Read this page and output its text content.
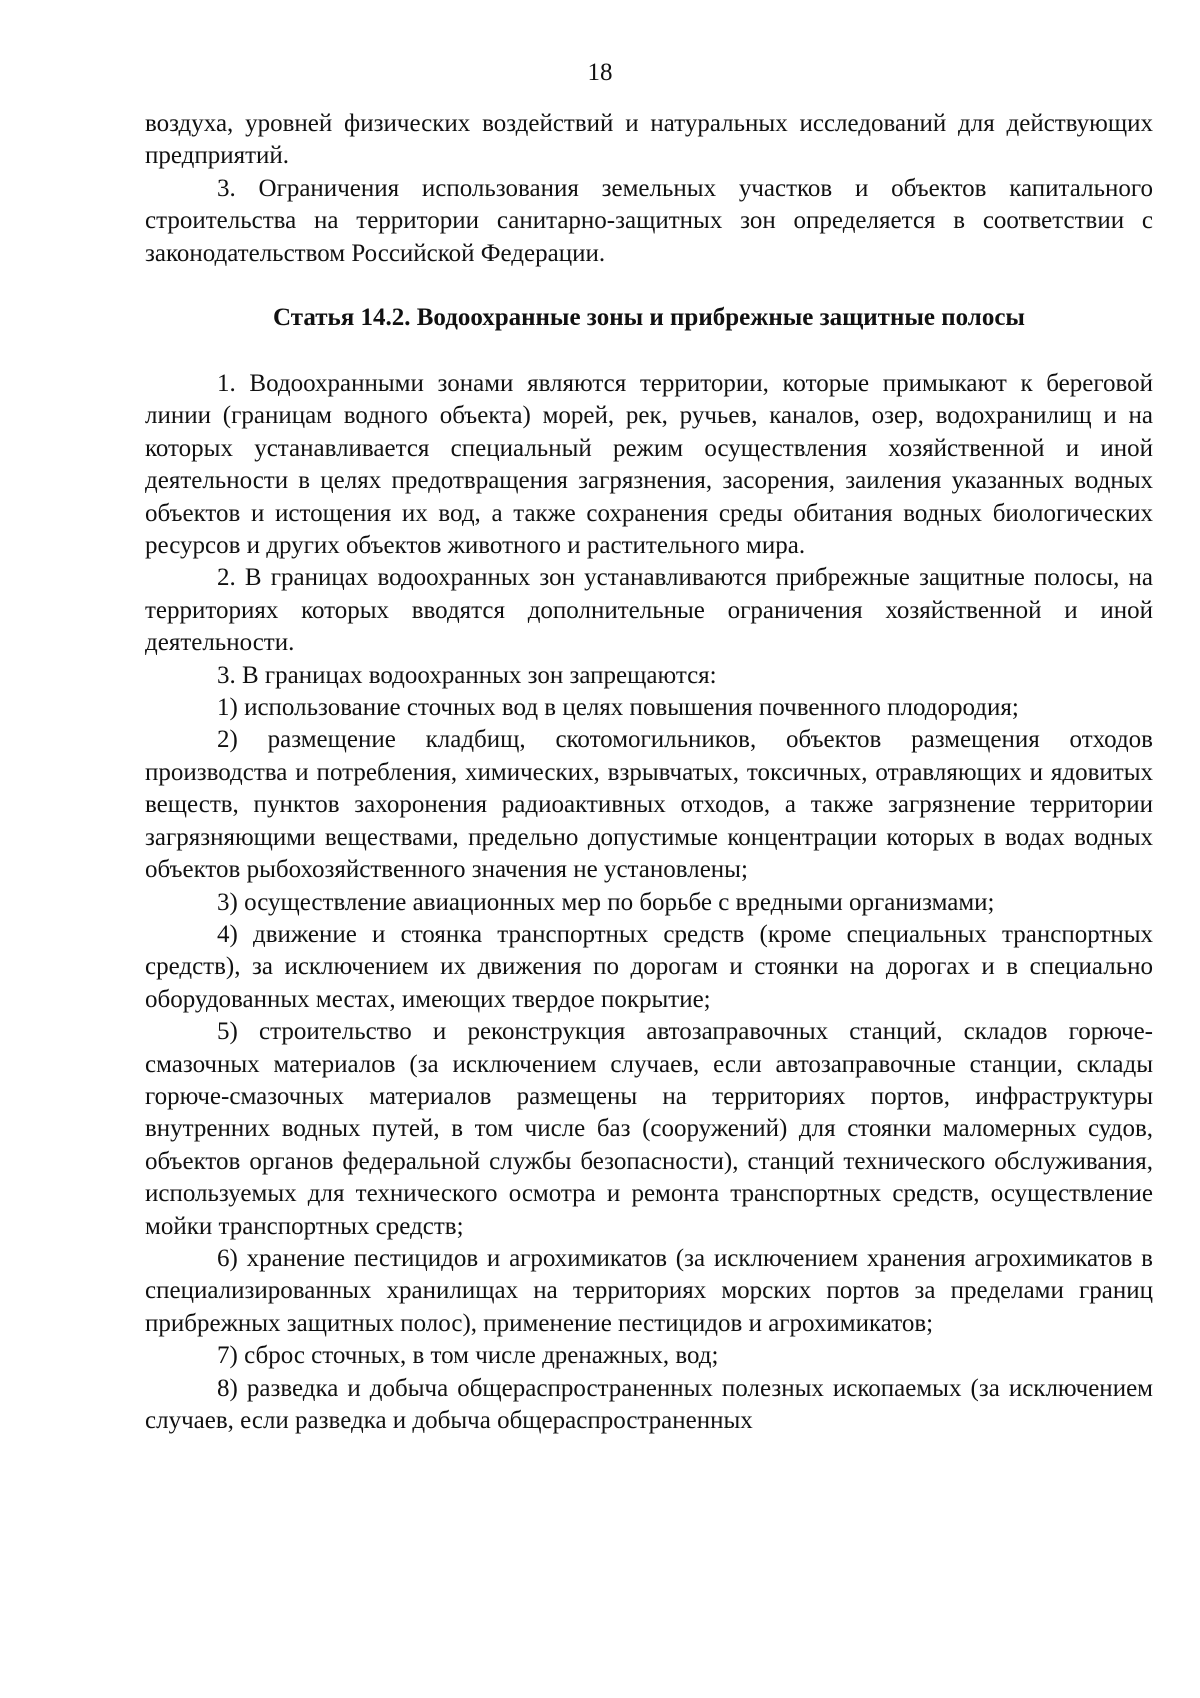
18

воздуха, уровней физических воздействий и натуральных исследований для действующих предприятий.

3. Ограничения использования земельных участков и объектов капитального строительства на территории санитарно-защитных зон определяется в соответствии с законодательством Российской Федерации.

Статья 14.2. Водоохранные зоны и прибрежные защитные полосы

1. Водоохранными зонами являются территории, которые примыкают к береговой линии (границам водного объекта) морей, рек, ручьев, каналов, озер, водохранилищ и на которых устанавливается специальный режим осуществления хозяйственной и иной деятельности в целях предотвращения загрязнения, засорения, заиления указанных водных объектов и истощения их вод, а также сохранения среды обитания водных биологических ресурсов и других объектов животного и растительного мира.

2. В границах водоохранных зон устанавливаются прибрежные защитные полосы, на территориях которых вводятся дополнительные ограничения хозяйственной и иной деятельности.

3. В границах водоохранных зон запрещаются:

1) использование сточных вод в целях повышения почвенного плодородия;

2) размещение кладбищ, скотомогильников, объектов размещения отходов производства и потребления, химических, взрывчатых, токсичных, отравляющих и ядовитых веществ, пунктов захоронения радиоактивных отходов, а также загрязнение территории загрязняющими веществами, предельно допустимые концентрации которых в водах водных объектов рыбохозяйственного значения не установлены;

3) осуществление авиационных мер по борьбе с вредными организмами;

4) движение и стоянка транспортных средств (кроме специальных транспортных средств), за исключением их движения по дорогам и стоянки на дорогах и в специально оборудованных местах, имеющих твердое покрытие;

5) строительство и реконструкция автозаправочных станций, складов горюче-смазочных материалов (за исключением случаев, если автозаправочные станции, склады горюче-смазочных материалов размещены на территориях портов, инфраструктуры внутренних водных путей, в том числе баз (сооружений) для стоянки маломерных судов, объектов органов федеральной службы безопасности), станций технического обслуживания, используемых для технического осмотра и ремонта транспортных средств, осуществление мойки транспортных средств;

6) хранение пестицидов и агрохимикатов (за исключением хранения агрохимикатов в специализированных хранилищах на территориях морских портов за пределами границ прибрежных защитных полос), применение пестицидов и агрохимикатов;

7) сброс сточных, в том числе дренажных, вод;

8) разведка и добыча общераспространенных полезных ископаемых (за исключением случаев, если разведка и добыча общераспространенных
